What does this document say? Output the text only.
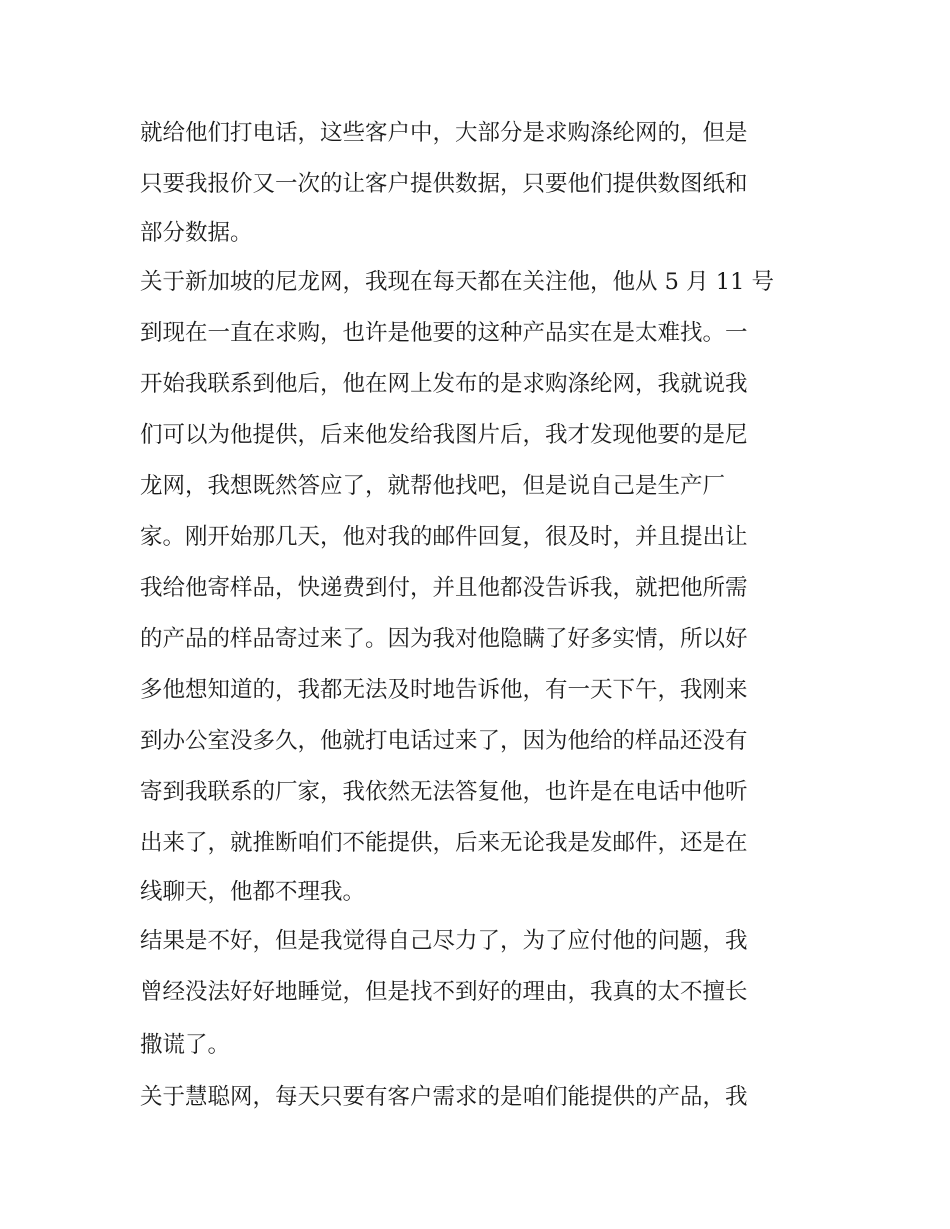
就给他们打电话，这些客户中，大部分是求购涤纶网的，但是
只要我报价又一次的让客户提供数据，只要他们提供数图纸和
部分数据。
关于新加坡的尼龙网，我现在每天都在关注他，他从 5 月 11 号
到现在一直在求购，也许是他要的这种产品实在是太难找。一
开始我联系到他后，他在网上发布的是求购涤纶网，我就说我
们可以为他提供，后来他发给我图片后，我才发现他要的是尼
龙网，我想既然答应了，就帮他找吧，但是说自己是生产厂
家。刚开始那几天，他对我的邮件回复，很及时，并且提出让
我给他寄样品，快递费到付，并且他都没告诉我，就把他所需
的产品的样品寄过来了。因为我对他隐瞒了好多实情，所以好
多他想知道的，我都无法及时地告诉他，有一天下午，我刚来
到办公室没多久，他就打电话过来了，因为他给的样品还没有
寄到我联系的厂家，我依然无法答复他，也许是在电话中他听
出来了，就推断咱们不能提供，后来无论我是发邮件，还是在
线聊天，他都不理我。
结果是不好，但是我觉得自己尽力了，为了应付他的问题，我
曾经没法好好地睡觉，但是找不到好的理由，我真的太不擅长
撒谎了。
关于慧聪网，每天只要有客户需求的是咱们能提供的产品，我
